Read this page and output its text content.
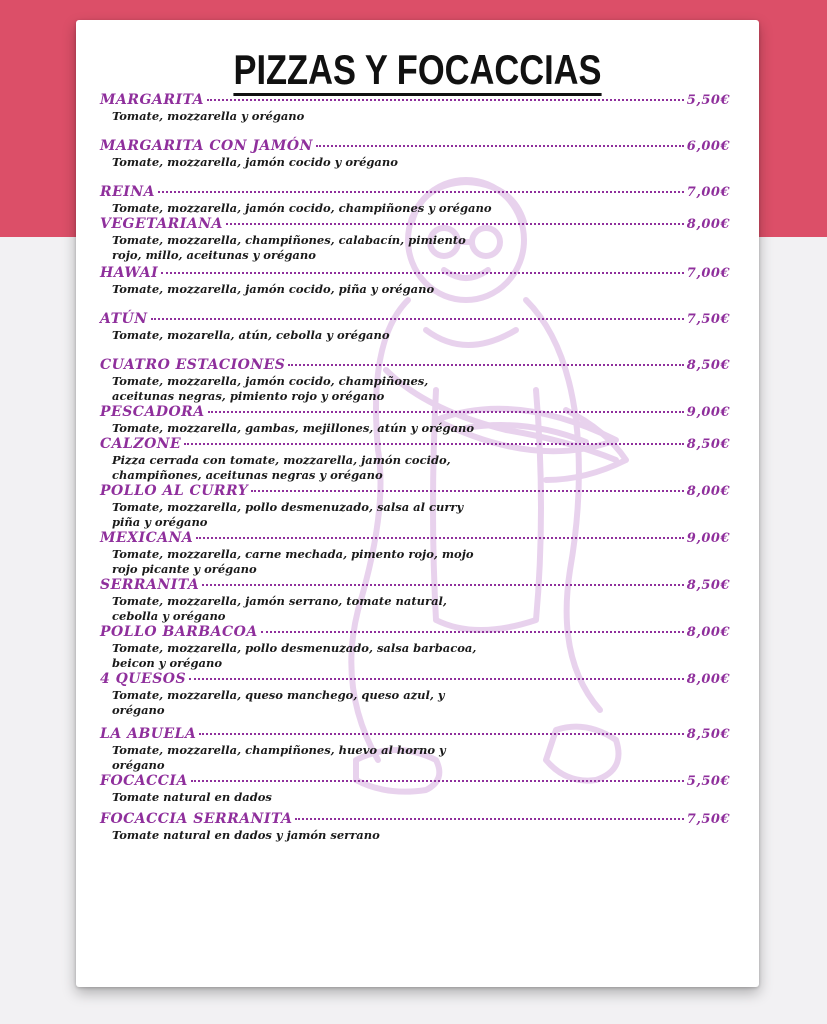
PIZZAS Y FOCACCIAS
MARGARITA	5,50€
Tomate, mozzarella y orégano
MARGARITA CON JAMÓN	6,00€
Tomate, mozzarella, jamón cocido y orégano
REINA	7,00€
Tomate, mozzarella, jamón cocido, champiñones y orégano
VEGETARIANA	8,00€
Tomate, mozzarella, champiñones, calabacín, pimiento rojo, millo, aceitunas y orégano
HAWAI	7,00€
Tomate, mozzarella, jamón cocido, piña y orégano
ATÚN	7,50€
Tomate, mozarella, atún, cebolla y orégano
CUATRO ESTACIONES	8,50€
Tomate, mozzarella, jamón cocido, champiñones, aceitunas negras, pimiento rojo y orégano
PESCADORA	9,00€
Tomate, mozzarella, gambas, mejillones, atún y orégano
CALZONE	8,50€
Pizza cerrada con tomate, mozzarella, jamón cocido, champiñones, aceitunas negras y orégano
POLLO AL CURRY	8,00€
Tomate, mozzarella, pollo desmenuzado, salsa al curry piña y orégano
MEXICANA	9,00€
Tomate, mozzarella, carne mechada, pimento rojo, mojo rojo picante y orégano
SERRANITA	8,50€
Tomate, mozzarella, jamón serrano, tomate natural, cebolla y orégano
POLLO BARBACOA	8,00€
Tomate, mozzarella, pollo desmenuzado, salsa barbacoa, beicon y orégano
4 QUESOS	8,00€
Tomate, mozzarella, queso manchego, queso azul, y orégano
LA ABUELA	8,50€
Tomate, mozzarella, champiñones, huevo al horno y orégano
FOCACCIA	5,50€
Tomate natural en dados
FOCACCIA SERRANITA	7,50€
Tomate natural en dados y jamón serrano
